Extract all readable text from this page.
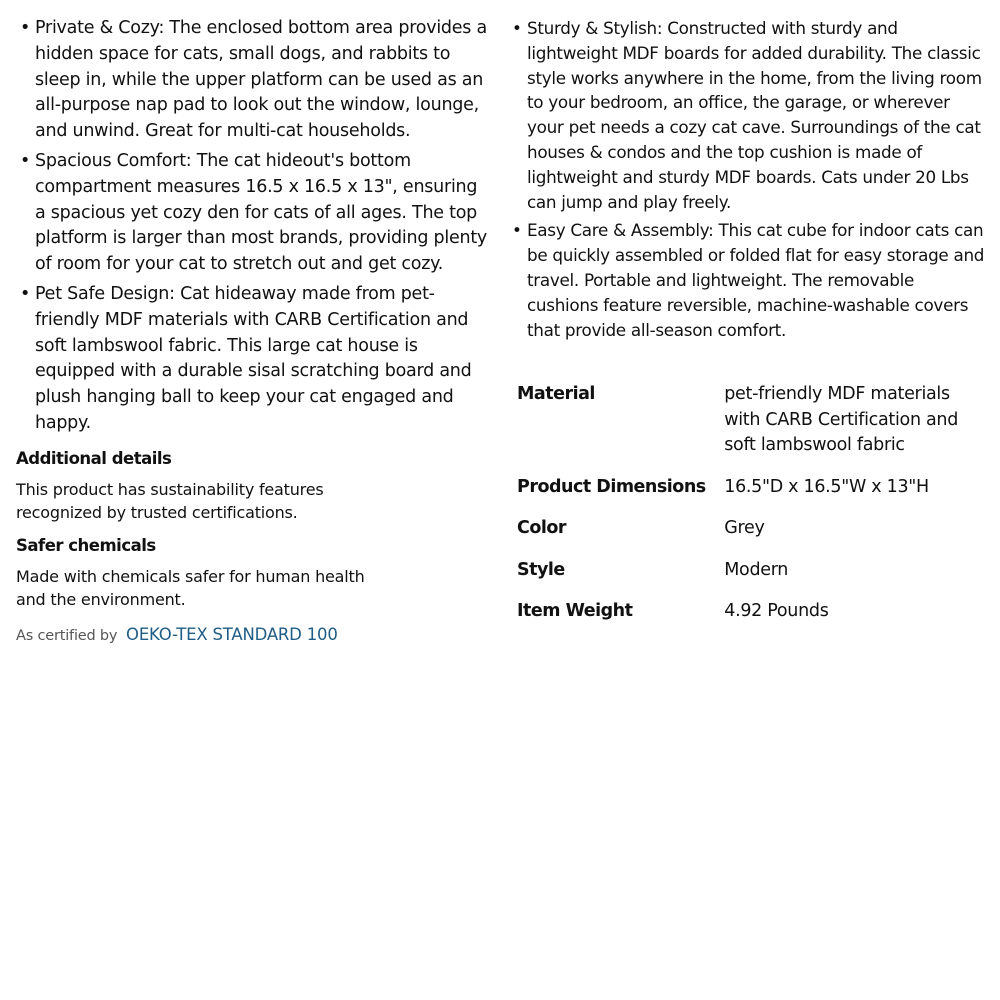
• Private & Cozy: The enclosed bottom area provides a hidden space for cats, small dogs, and rabbits to sleep in, while the upper platform can be used as an all-purpose nap pad to look out the window, lounge, and unwind. Great for multi-cat households.
• Spacious Comfort: The cat hideout's bottom compartment measures 16.5 x 16.5 x 13", ensuring a spacious yet cozy den for cats of all ages. The top platform is larger than most brands, providing plenty of room for your cat to stretch out and get cozy.
• Pet Safe Design: Cat hideaway made from pet-friendly MDF materials with CARB Certification and soft lambswool fabric. This large cat house is equipped with a durable sisal scratching board and plush hanging ball to keep your cat engaged and happy.
Additional details

This product has sustainability features recognized by trusted certifications.

Safer chemicals

Made with chemicals safer for human health and the environment.

As certified by OEKO-TEX STANDARD 100
• Sturdy & Stylish: Constructed with sturdy and lightweight MDF boards for added durability. The classic style works anywhere in the home, from the living room to your bedroom, an office, the garage, or wherever your pet needs a cozy cat cave. Surroundings of the cat houses & condos and the top cushion is made of lightweight and sturdy MDF boards. Cats under 20 Lbs can jump and play freely.
• Easy Care & Assembly: This cat cube for indoor cats can be quickly assembled or folded flat for easy storage and travel. Portable and lightweight. The removable cushions feature reversible, machine-washable covers that provide all-season comfort.
Material	pet-friendly MDF materials with CARB Certification and soft lambswool fabric
Product Dimensions	16.5"D x 16.5"W x 13"H
Color	Grey
Style	Modern
Item Weight	4.92 Pounds
